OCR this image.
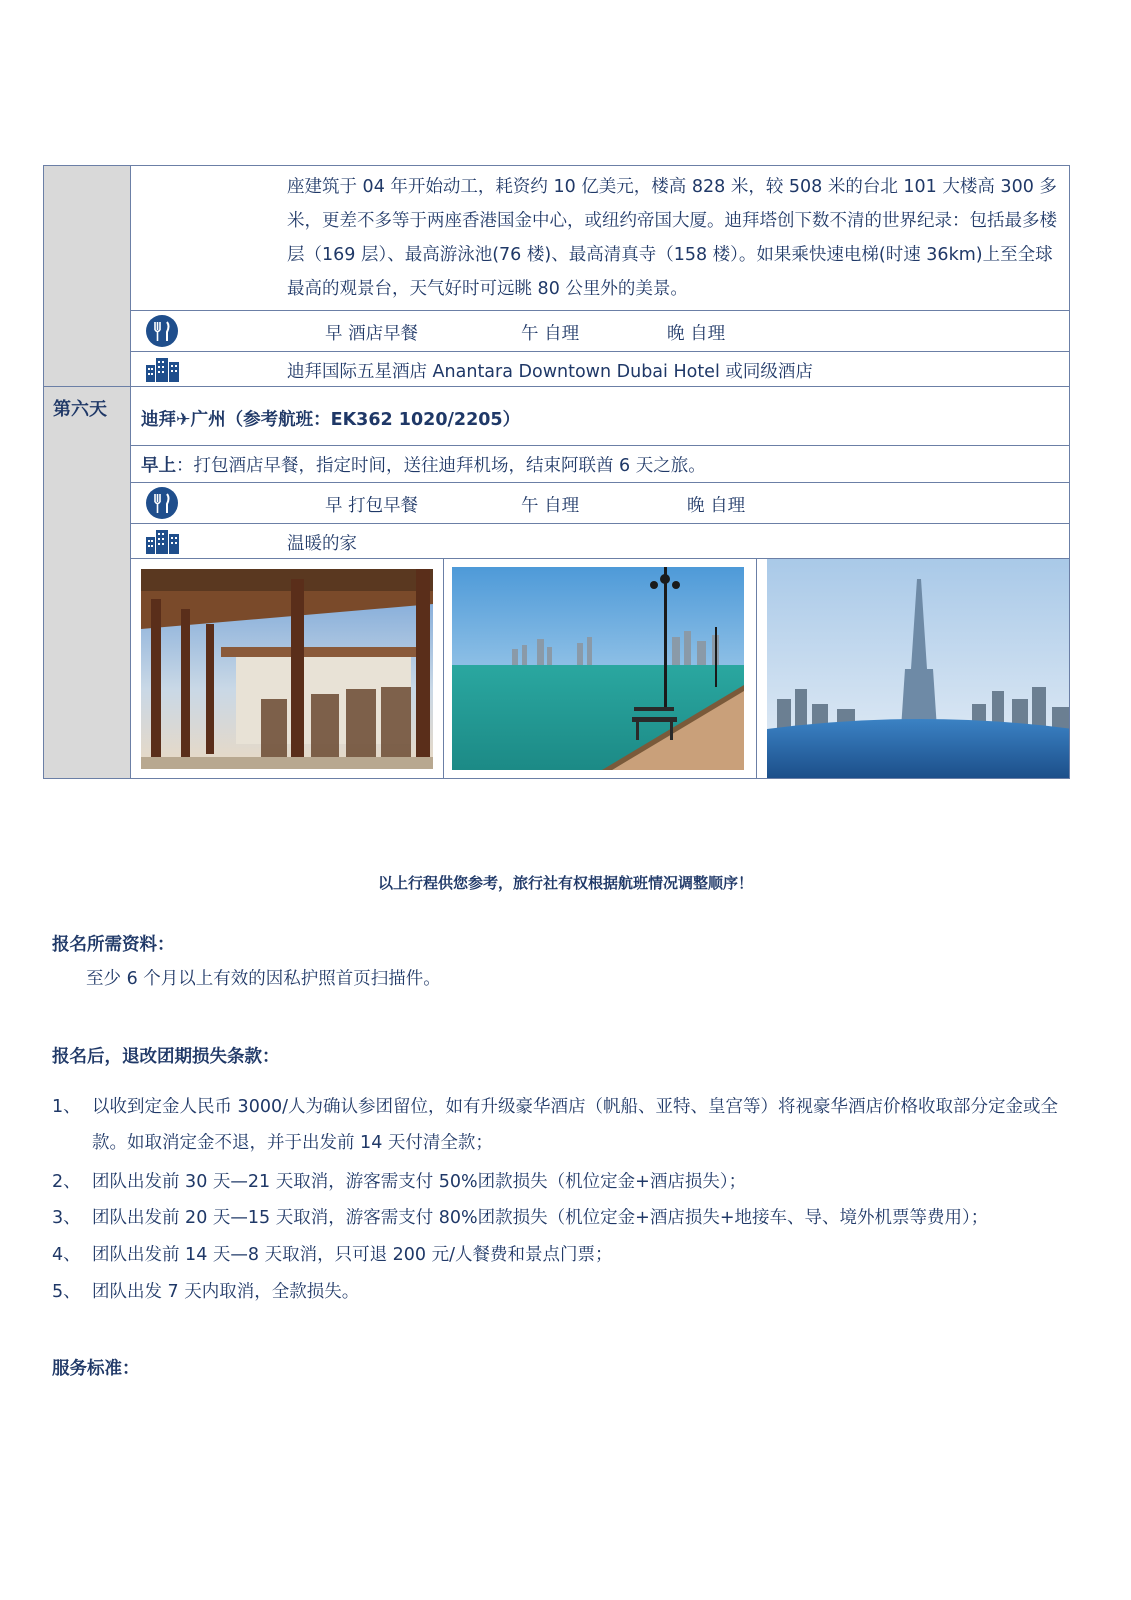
	座建筑于 04 年开始动工，耗资约 10 亿美元，楼高 828 米，较 508 米的台北 101 大楼高 300 多米，更差不多等于两座香港国金中心，或纽约帝国大厦。迪拜塔创下数不清的世界纪录：包括最多楼层（169 层）、最高游泳池(76 楼)、最高清真寺（158 楼）。如果乘快速电梯(时速 36km)上至全球最高的观景台，天气好时可远眺 80 公里外的美景。

	早 酒店早餐 午 自理 晚 自理

	迪拜国际五星酒店 Anantara Downtown Dubai Hotel 或同级酒店

第六天	迪拜✈广州（参考航班：EK362 1020/2205）

	早上：打包酒店早餐，指定时间，送往迪拜机场，结束阿联酋 6 天之旅。

	早 打包早餐 午 自理 晚 自理

	温暖的家

以上行程供您参考，旅行社有权根据航班情况调整顺序！
报名所需资料：
至少 6 个月以上有效的因私护照首页扫描件。
报名后，退改团期损失条款：
1、 以收到定金人民币 3000/人为确认参团留位，如有升级豪华酒店（帆船、亚特、皇宫等）将视豪华酒店价格收取部分定金或全款。如取消定金不退，并于出发前 14 天付清全款；
2、 团队出发前 30 天—21 天取消，游客需支付 50%团款损失（机位定金+酒店损失）；
3、 团队出发前 20 天—15 天取消，游客需支付 80%团款损失（机位定金+酒店损失+地接车、导、境外机票等费用）；
4、 团队出发前 14 天—8 天取消，只可退 200 元/人餐费和景点门票；
5、 团队出发 7 天内取消，全款损失。
服务标准：
